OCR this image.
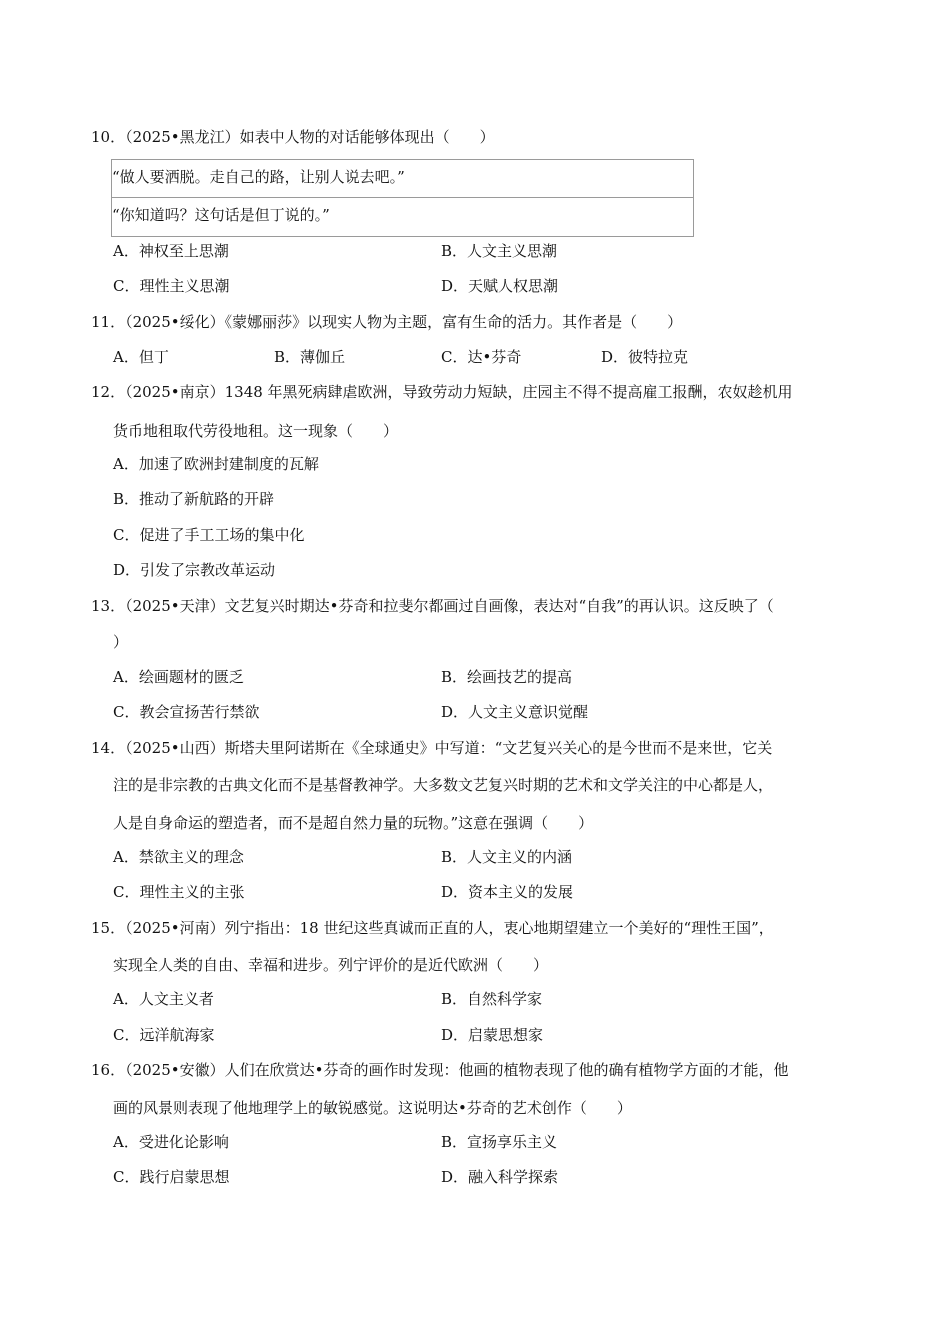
10．（2025•黑龙江）如表中人物的对话能够体现出（　　）
“做人要洒脱。走自己的路，让别人说去吧。”
“你知道吗？这句话是但丁说的。”
A．神权至上思潮	B．人文主义思潮
C．理性主义思潮	D．天赋人权思潮
11．（2025•绥化）《蒙娜丽莎》以现实人物为主题，富有生命的活力。其作者是（　　）
A．但丁	B．薄伽丘	C．达•芬奇	D．彼特拉克
12．（2025•南京）1348 年黑死病肆虐欧洲，导致劳动力短缺，庄园主不得不提高雇工报酬，农奴趁机用
货币地租取代劳役地租。这一现象（　　）
A．加速了欧洲封建制度的瓦解
B．推动了新航路的开辟
C．促进了手工工场的集中化
D．引发了宗教改革运动
13．（2025•天津）文艺复兴时期达•芬奇和拉斐尔都画过自画像，表达对“自我”的再认识。这反映了（
）
A．绘画题材的匮乏	B．绘画技艺的提高
C．教会宣扬苦行禁欲	D．人文主义意识觉醒
14．（2025•山西）斯塔夫里阿诺斯在《全球通史》中写道：“文艺复兴关心的是今世而不是来世，它关
注的是非宗教的古典文化而不是基督教神学。大多数文艺复兴时期的艺术和文学关注的中心都是人，
人是自身命运的塑造者，而不是超自然力量的玩物。”这意在强调（　　）
A．禁欲主义的理念	B．人文主义的内涵
C．理性主义的主张	D．资本主义的发展
15．（2025•河南）列宁指出：18 世纪这些真诚而正直的人，衷心地期望建立一个美好的“理性王国”，
实现全人类的自由、幸福和进步。列宁评价的是近代欧洲（　　）
A．人文主义者	B．自然科学家
C．远洋航海家	D．启蒙思想家
16．（2025•安徽）人们在欣赏达•芬奇的画作时发现：他画的植物表现了他的确有植物学方面的才能，他
画的风景则表现了他地理学上的敏锐感觉。这说明达•芬奇的艺术创作（　　）
A．受进化论影响	B．宣扬享乐主义
C．践行启蒙思想	D．融入科学探索
